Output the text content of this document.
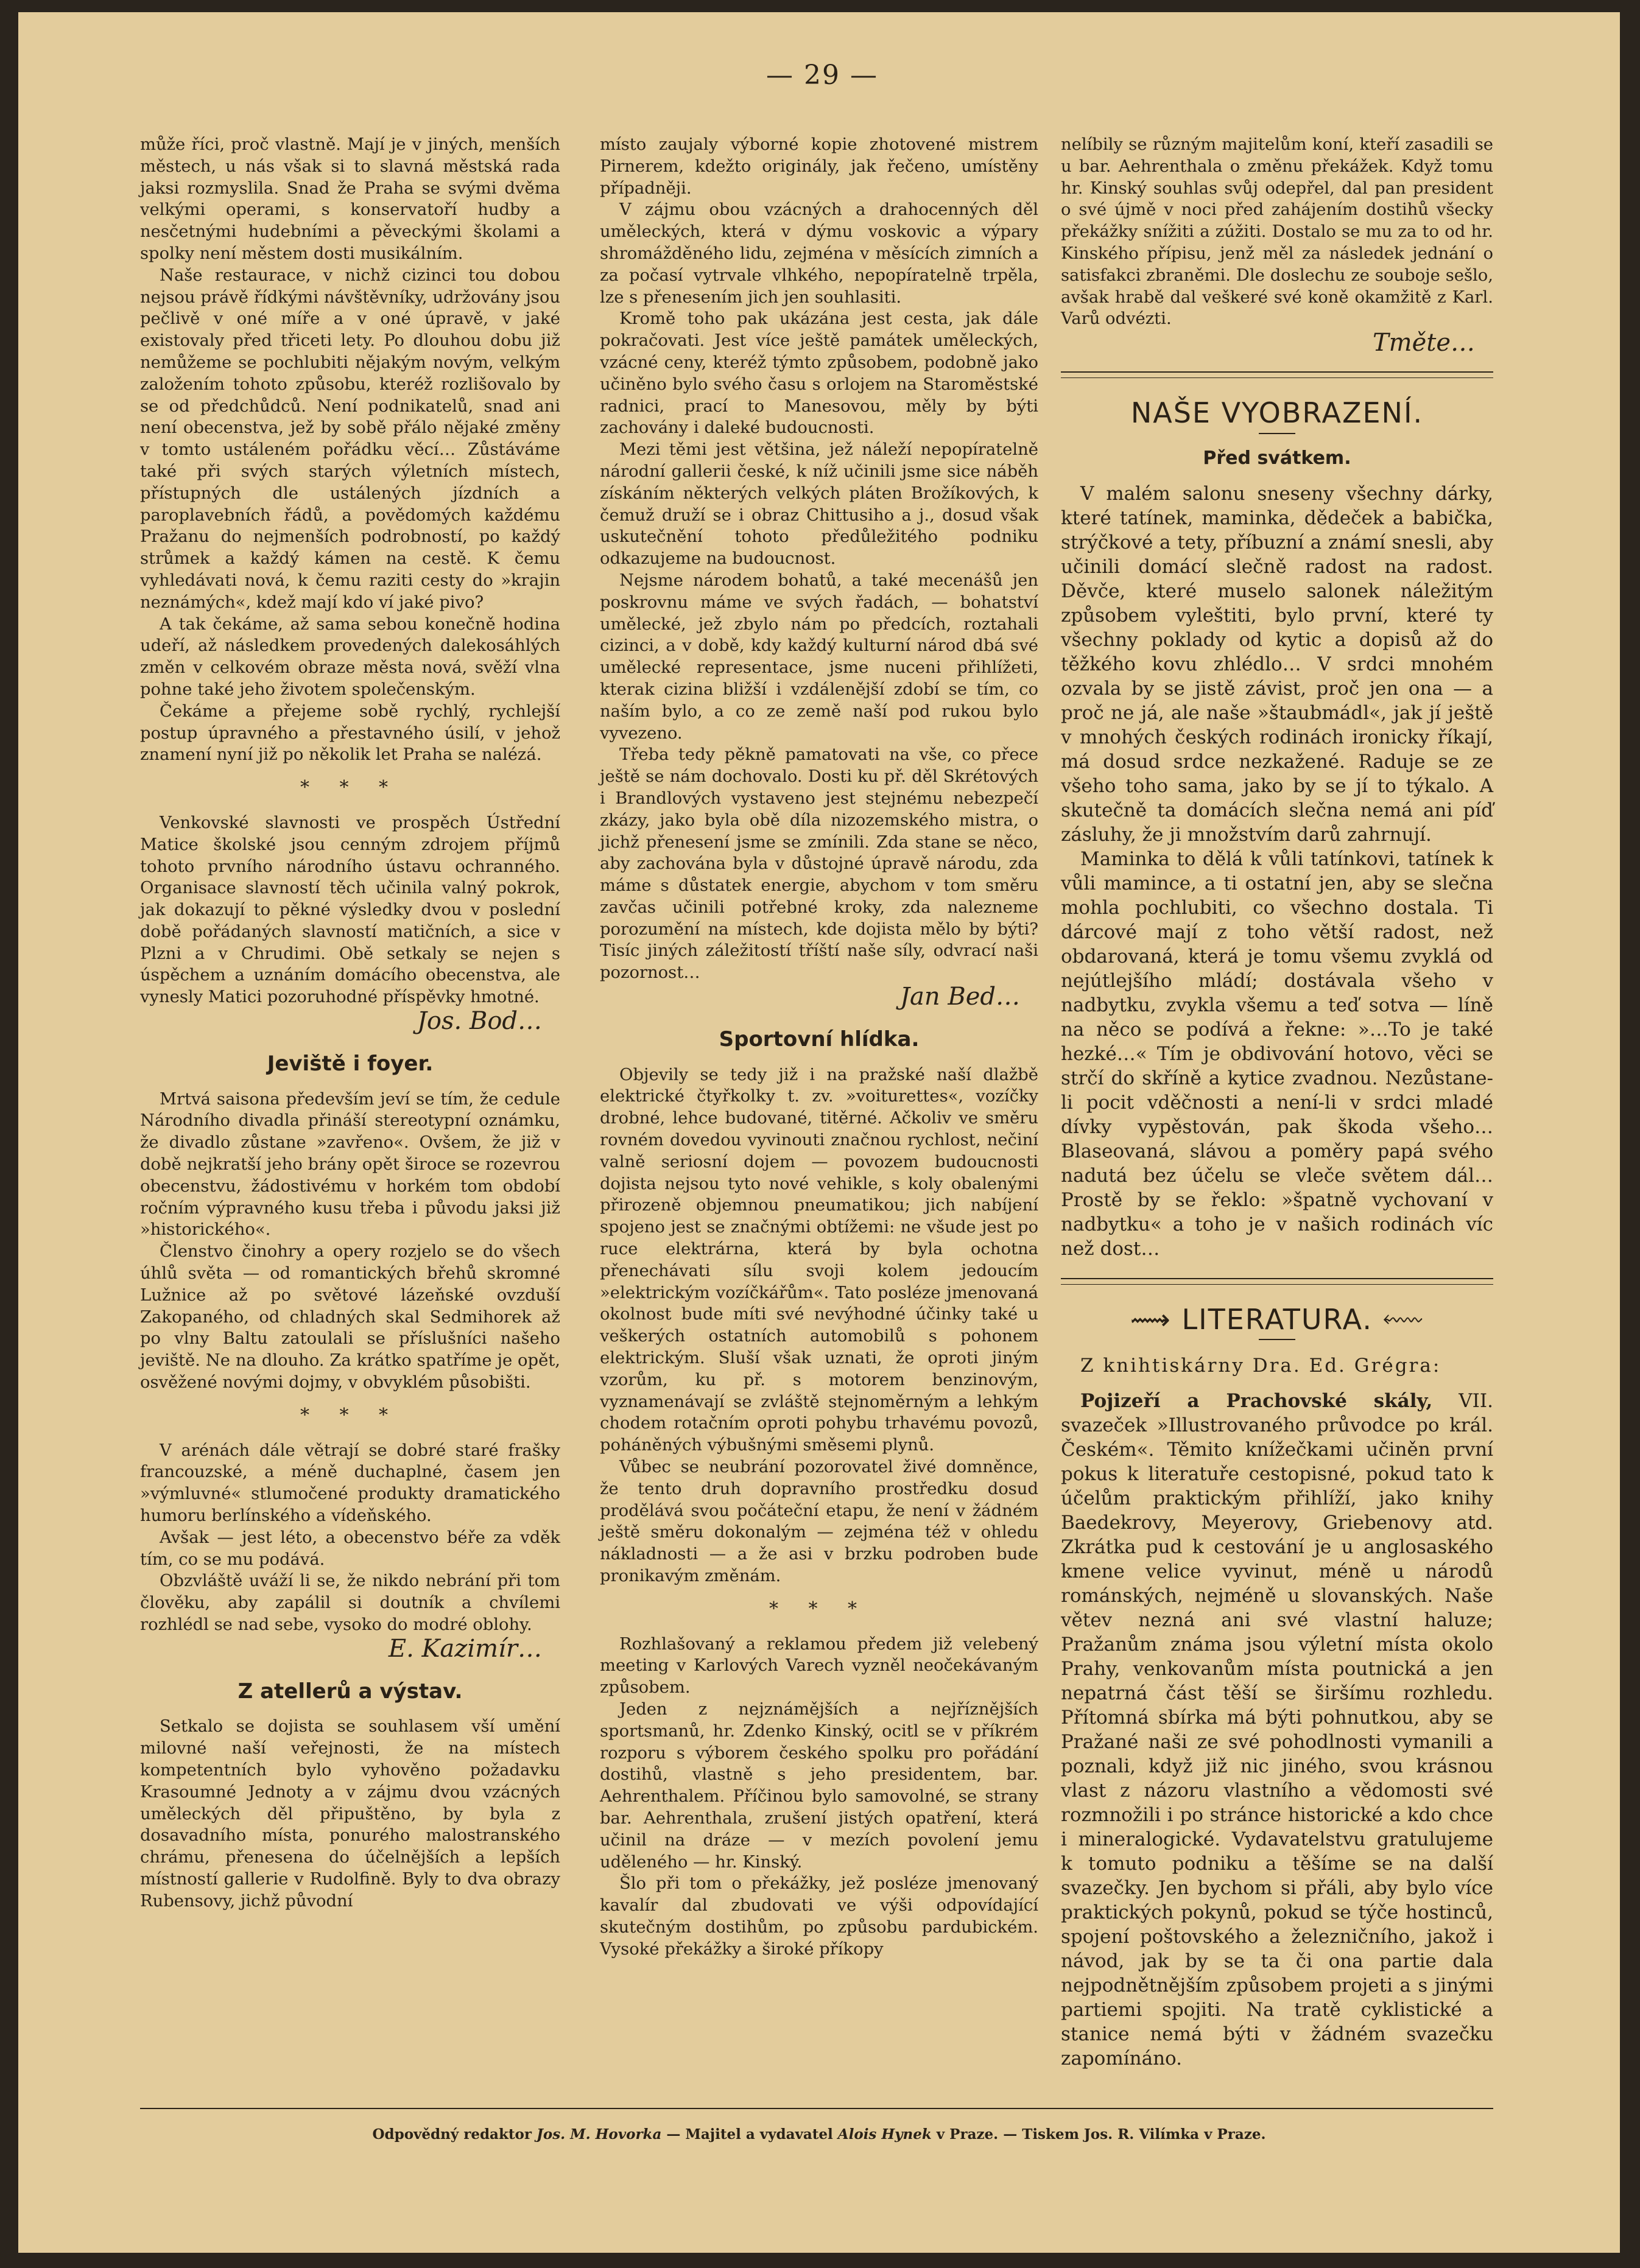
— 29 —

může říci, proč vlastně. Mají je v jiných, menších městech, u nás však si to slavná městská rada jaksi rozmyslila. Snad že Praha se svými dvěma velkými operami, s konservatoří hudby a nesčetnými hudebními a pěveckými školami a spolky není městem dosti musikálním.

Naše restaurace, v nichž cizinci tou dobou nejsou právě řídkými návštěvníky, udržovány jsou pečlivě v oné míře a v oné úpravě, v jaké existovaly před třiceti lety. Po dlouhou dobu již nemůžeme se pochlubiti nějakým novým, velkým založením tohoto způsobu, kteréž rozlišovalo by se od předchůdců. Není podnikatelů, snad ani není obecenstva, jež by sobě přálo nějaké změny v tomto ustáleném pořádku věcí… Zůstáváme také při svých starých výletních místech, přístupných dle ustálených jízdních a paroplavebních řádů, a povědomých každému Pražanu do nejmenších podrobností, po každý strůmek a každý kámen na cestě. K čemu vyhledávati nová, k čemu raziti cesty do »krajin neznámých«, kdež mají kdo ví jaké pivo?

A tak čekáme, až sama sebou konečně hodina udeří, až následkem provedených dalekosáhlých změn v celkovém obraze města nová, svěží vlna pohne také jeho životem společenským.

Čekáme a přejeme sobě rychlý, rychlejší postup úpravného a přestavného úsilí, v jehož znamení nyní již po několik let Praha se nalézá.

* * *

Venkovské slavnosti ve prospěch Ústřední Matice školské jsou cenným zdrojem příjmů tohoto prvního národního ústavu ochranného. Organisace slavností těch učinila valný pokrok, jak dokazují to pěkné výsledky dvou v poslední době pořádaných slavností matičních, a sice v Plzni a v Chrudimi. Obě setkaly se nejen s úspěchem a uznáním domácího obecenstva, ale vynesly Matici pozoruhodné příspěvky hmotné.

Jos. Bod…
Jeviště i foyer.

Mrtvá saisona především jeví se tím, že cedule Národního divadla přináší stereotypní oznámku, že divadlo zůstane »zavřeno«. Ovšem, že již v době nejkratší jeho brány opět široce se rozevrou obecenstvu, žádostivému v horkém tom období ročním výpravného kusu třeba i původu jaksi již »historického«.

Členstvo činohry a opery rozjelo se do všech úhlů světa — od romantických břehů skromné Lužnice až po světové lázeňské ovzduší Zakopaného, od chladných skal Sedmihorek až po vlny Baltu zatoulali se příslušníci našeho jeviště. Ne na dlouho. Za krátko spatříme je opět, osvěžené novými dojmy, v obvyklém působišti.

* * *

V arénách dále větrají se dobré staré frašky francouzské, a méně duchaplné, časem jen »výmluvné« stlumočené produkty dramatického humoru berlínského a vídeňského.

Avšak — jest léto, a obecenstvo béře za vděk tím, co se mu podává.

Obzvláště uváží li se, že nikdo nebrání při tom člověku, aby zapálil si doutník a chvílemi rozhlédl se nad sebe, vysoko do modré oblohy.

E. Kazimír…
Z atellerů a výstav.

Setkalo se dojista se souhlasem vší umění milovné naší veřejnosti, že na místech kompetentních bylo vyhověno požadavku Krasoumné Jednoty a v zájmu dvou vzácných uměleckých děl připuštěno, by byla z dosavadního místa, ponurého malostranského chrámu, přenesena do účelnějších a lepších místností gallerie v Rudolfině. Byly to dva obrazy Rubensovy, jichž původní

místo zaujaly výborné kopie zhotovené mistrem Pirnerem, kdežto originály, jak řečeno, umístěny případněji.

V zájmu obou vzácných a drahocenných děl uměleckých, která v dýmu voskovic a výpary shromážděného lidu, zejména v měsících zimních a za počasí vytrvale vlhkého, nepopíratelně trpěla, lze s přenesením jich jen souhlasiti.

Kromě toho pak ukázána jest cesta, jak dále pokračovati. Jest více ještě památek uměleckých, vzácné ceny, kteréž týmto způsobem, podobně jako učiněno bylo svého času s orlojem na Staroměstské radnici, prací to Manesovou, měly by býti zachovány i daleké budoucnosti.

Mezi těmi jest většina, jež náleží nepopíratelně národní gallerii české, k níž učinili jsme sice náběh získáním některých velkých pláten Brožíkových, k čemuž druží se i obraz Chittusiho a j., dosud však uskutečnění tohoto předůležitého podniku odkazujeme na budoucnost.

Nejsme národem bohatů, a také mecenášů jen poskrovnu máme ve svých řadách, — bohatství umělecké, jež zbylo nám po předcích, roztahali cizinci, a v době, kdy každý kulturní národ dbá své umělecké representace, jsme nuceni přihlížeti, kterak cizina bližší i vzdálenější zdobí se tím, co naším bylo, a co ze země naší pod rukou bylo vyvezeno.

Třeba tedy pěkně pamatovati na vše, co přece ještě se nám dochovalo. Dosti ku př. děl Skrétových i Brandlových vystaveno jest stejnému nebezpečí zkázy, jako byla obě díla nizozemského mistra, o jichž přenesení jsme se zmínili. Zda stane se něco, aby zachována byla v důstojné úpravě národu, zda máme s důstatek energie, abychom v tom směru zavčas učinili potřebné kroky, zda nalezneme porozumění na místech, kde dojista mělo by býti? Tisíc jiných záležitostí tříští naše síly, odvrací naši pozornost…

Jan Bed…
Sportovní hlídka.

Objevily se tedy již i na pražské naší dlažbě elektrické čtyřkolky t. zv. »voiturettes«, vozíčky drobné, lehce budované, titěrné. Ačkoliv ve směru rovném dovedou vyvinouti značnou rychlost, nečiní valně seriosní dojem — povozem budoucnosti dojista nejsou tyto nové vehikle, s koly obalenými přirozeně objemnou pneumatikou; jich nabíjení spojeno jest se značnými obtížemi: ne všude jest po ruce elektrárna, která by byla ochotna přenechávati sílu svoji kolem jedoucím »elektrickým vozíčkářům«. Tato posléze jmenovaná okolnost bude míti své nevýhodné účinky také u veškerých ostatních automobilů s pohonem elektrickým. Sluší však uznati, že oproti jiným vzorům, ku př. s motorem benzinovým, vyznamenávají se zvláště stejnoměrným a lehkým chodem rotačním oproti pohybu trhavému povozů, poháněných výbušnými směsemi plynů.

Vůbec se neubrání pozorovatel živé domněnce, že tento druh dopravního prostředku dosud prodělává svou počáteční etapu, že není v žádném ještě směru dokonalým — zejména též v ohledu nákladnosti — a že asi v brzku podroben bude pronikavým změnám.

* * *

Rozhlašovaný a reklamou předem již velebený meeting v Karlových Varech vyzněl neočekávaným způsobem.

Jeden z nejznámějších a nejříznějších sportsmanů, hr. Zdenko Kinský, ocitl se v příkrém rozporu s výborem českého spolku pro pořádání dostihů, vlastně s jeho presidentem, bar. Aehrenthalem. Příčinou bylo samovolné, se strany bar. Aehrenthala, zrušení jistých opatření, která učinil na dráze — v mezích povolení jemu uděleného — hr. Kinský.

Šlo při tom o překážky, jež posléze jmenovaný kavalír dal zbudovati ve výši odpovídající skutečným dostihům, po způsobu pardubickém. Vysoké překážky a široké příkopy

nelíbily se různým majitelům koní, kteří zasadili se u bar. Aehrenthala o změnu překážek. Když tomu hr. Kinský souhlas svůj odepřel, dal pan president o své újmě v noci před zahájením dostihů všecky překážky snížiti a zúžiti. Dostalo se mu za to od hr. Kinského přípisu, jenž měl za následek jednání o satisfakci zbraněmi. Dle doslechu ze souboje sešlo, avšak hrabě dal veškeré své koně okamžitě z Karl. Varů odvézti.

Tměte…
NAŠE VYOBRAZENÍ.
Před svátkem.

V malém salonu sneseny všechny dárky, které tatínek, maminka, dědeček a babička, strýčkové a tety, příbuzní a známí snesli, aby učinili domácí slečně radost na radost. Děvče, které muselo salonek náležitým způsobem vyleštiti, bylo první, které ty všechny poklady od kytic a dopisů až do těžkého kovu zhlédlo… V srdci mnohém ozvala by se jistě závist, proč jen ona — a proč ne já, ale naše »štaubmádl«, jak jí ještě v mnohých českých rodinách ironicky říkají, má dosud srdce nezkažené. Raduje se ze všeho toho sama, jako by se jí to týkalo. A skutečně ta domácích slečna nemá ani píď zásluhy, že ji množstvím darů zahrnují.

Maminka to dělá k vůli tatínkovi, tatínek k vůli mamince, a ti ostatní jen, aby se slečna mohla pochlubiti, co všechno dostala. Ti dárcové mají z toho větší radost, než obdarovaná, která je tomu všemu zvyklá od nejútlejšího mládí; dostávala všeho v nadbytku, zvykla všemu a teď sotva — líně na něco se podívá a řekne: »…To je také hezké…« Tím je obdivování hotovo, věci se strčí do skříně a kytice zvadnou. Nezůstane-li pocit vděčnosti a není-li v srdci mladé dívky vypěstován, pak škoda všeho… Blaseovaná, slávou a poměry papá svého nadutá bez účelu se vleče světem dál… Prostě by se řeklo: »špatně vychovaní v nadbytku« a toho je v našich rodinách víc než dost…

⟿ LITERATURA. ⬳

Z knihtiskárny Dra. Ed. Grégra:

Pojizeří a Prachovské skály, VII. svazeček »Illustrovaného průvodce po král. Českém«. Těmito knížečkami učiněn první pokus k literatuře cestopisné, pokud tato k účelům praktickým přihlíží, jako knihy Baedekrovy, Meyerovy, Griebenovy atd. Zkrátka pud k cestování je u anglosaského kmene velice vyvinut, méně u národů románských, nejméně u slovanských. Naše větev nezná ani své vlastní haluze; Pražanům známa jsou výletní místa okolo Prahy, venkovanům místa poutnická a jen nepatrná část těší se širšímu rozhledu. Přítomná sbírka má býti pohnutkou, aby se Pražané naši ze své pohodlnosti vymanili a poznali, když již nic jiného, svou krásnou vlast z názoru vlastního a vědomosti své rozmnožili i po stránce historické a kdo chce i mineralogické. Vydavatelstvu gratulujeme k tomuto podniku a těšíme se na další svazečky. Jen bychom si přáli, aby bylo více praktických pokynů, pokud se týče hostinců, spojení poštovského a železničního, jakož i návod, jak by se ta či ona partie dala nejpodnětnějším způsobem projeti a s jinými partiemi spojiti. Na tratě cyklistické a stanice nemá býti v žádném svazečku zapomínáno.

Odpovědný redaktor Jos. M. Hovorka — Majitel a vydavatel Alois Hynek v Praze. — Tiskem Jos. R. Vilímka v Praze.
